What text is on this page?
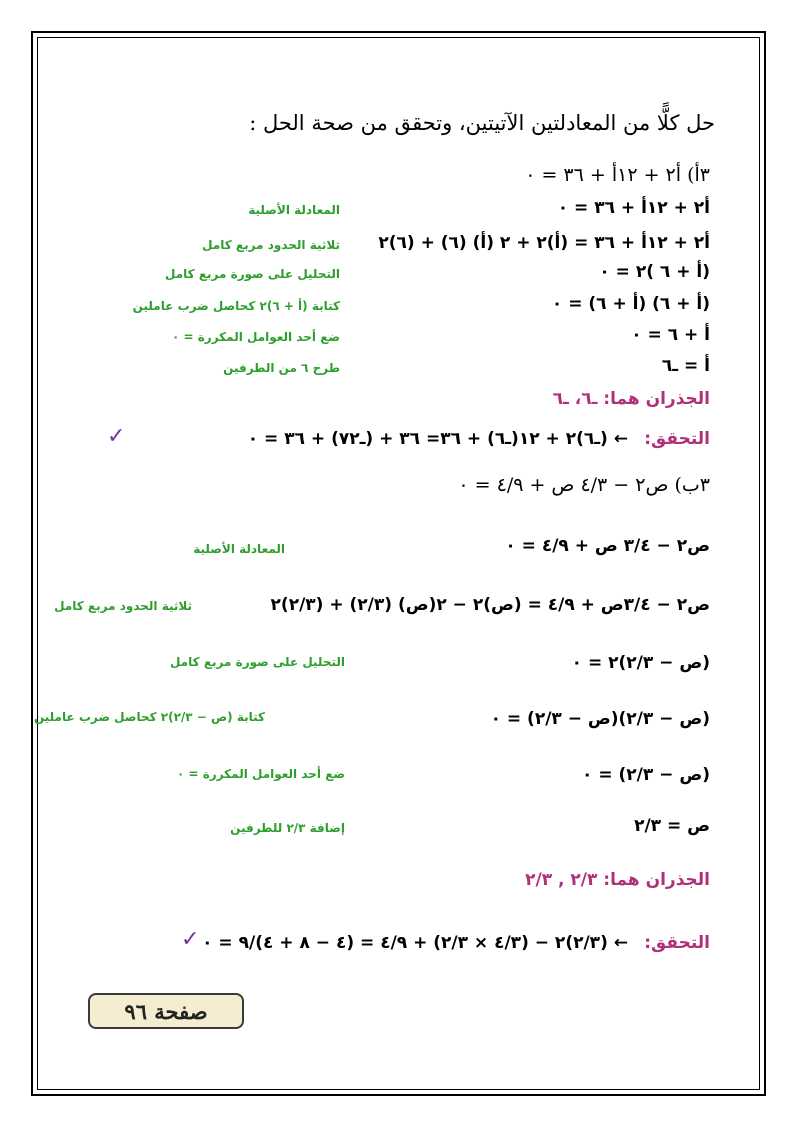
حل كلًّا من المعادلتين الآتيتين، وتحقق من صحة الحل :
٣أ) أ٢ + ١٢أ + ٣٦ = ٠
أ٢ + ١٢أ + ٣٦ = ٠
المعادلة الأصلية
أ٢ + ١٢أ + ٣٦ = (أ)٢ + ٢ (أ) (٦) + (٦)٢
ثلاثية الحدود مربع كامل
(أ + ٦ )٢ = ٠
التحليل على صورة مربع كامل
(أ + ٦) (أ + ٦) = ٠
كتابة (أ + ٦)٢ كحاصل ضرب عاملين
أ + ٦ = ٠
ضع أحد العوامل المكررة = ٠
أ = ـ٦
طرح ٦ من الطرفين
الجذران هما: ـ٦، ـ٦
التحقق:
← (ـ٦)٢ + ١٢(ـ٦) + ٣٦= ٣٦ + (ـ٧٢) + ٣٦ = ٠
✓
٣ب) ص٢ − ٤/٣ ص + ٤/٩ = ٠
ص٢ − ٣/٤ ص + ٤/٩ = ٠
المعادلة الأصلية
ص٢ − ٣/٤ص + ٤/٩ = (ص)٢ − ٢(ص) (٢/٣) + (٢/٣)٢
ثلاثية الحدود مربع كامل
(ص − ٢/٣)٢ = ٠
التحليل على صورة مربع كامل
(ص − ٢/٣)(ص − ٢/٣) = ٠
كتابة (ص − ٢/٣)٢ كحاصل ضرب عاملين
(ص − ٢/٣) = ٠
ضع أحد العوامل المكررة = ٠
ص = ٢/٣
إضافة ٢/٣ للطرفين
الجذران هما: ٢/٣ , ٢/٣
التحقق:
← (٢/٣)٢ − (٤/٣ × ٢/٣) + ٤/٩ = (٤ − ٨ + ٤)/٩ = ٠
✓
صفحة ٩٦
